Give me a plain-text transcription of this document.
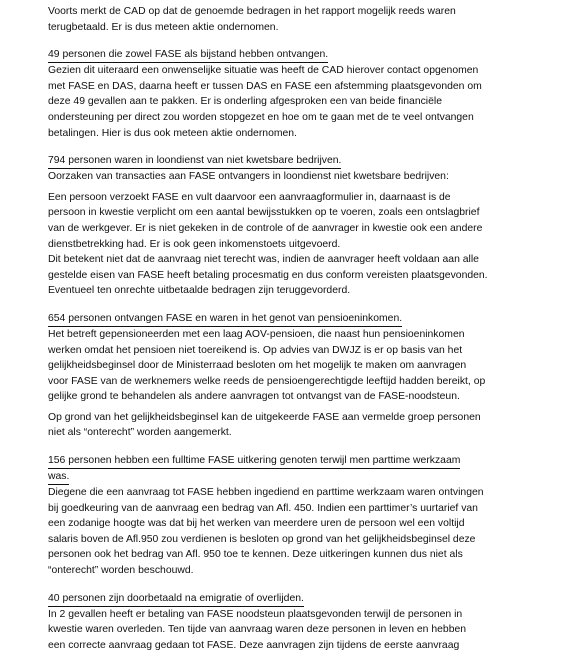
Voorts merkt de CAD op dat de genoemde bedragen in het rapport mogelijk reeds waren
terugbetaald. Er is dus meteen aktie ondernomen.

49 personen die zowel FASE als bijstand hebben ontvangen.

Gezien dit uiteraard een onwenselijke situatie was heeft de CAD hierover contact opgenomen
met FASE en DAS, daarna heeft er tussen DAS en FASE een afstemming plaatsgevonden om
deze 49 gevallen aan te pakken. Er is onderling afgesproken een van beide financiële
ondersteuning per direct zou worden stopgezet en hoe om te gaan met de te veel ontvangen
betalingen. Hier is dus ook meteen aktie ondernomen.

794 personen waren in loondienst van niet kwetsbare bedrijven.

Oorzaken van transacties aan FASE ontvangers in loondienst niet kwetsbare bedrijven:

Een persoon verzoekt FASE en vult daarvoor een aanvraagformulier in, daarnaast is de
persoon in kwestie verplicht om een aantal bewijsstukken op te voeren, zoals een ontslagbrief
van de werkgever. Er is niet gekeken in de controle of de aanvrager in kwestie ook een andere
dienstbetrekking had. Er is ook geen inkomenstoets uitgevoerd.
Dit betekent niet dat de aanvraag niet terecht was, indien de aanvrager heeft voldaan aan alle
gestelde eisen van FASE heeft betaling procesmatig en dus conform vereisten plaatsgevonden.
Eventueel ten onrechte uitbetaalde bedragen zijn teruggevorderd.

654 personen ontvangen FASE en waren in het genot van pensioeninkomen.

Het betreft gepensioneerden met een laag AOV-pensioen, die naast hun pensioeninkomen
werken omdat het pensioen niet toereikend is. Op advies van DWJZ is er op basis van het
gelijkheidsbeginsel door de Ministerraad besloten om het mogelijk te maken om aanvragen
voor FASE van de werknemers welke reeds de pensioengerechtigde leeftijd hadden bereikt, op
gelijke grond te behandelen als andere aanvragen tot ontvangst van de FASE-noodsteun.

Op grond van het gelijkheidsbeginsel kan de uitgekeerde FASE aan vermelde groep personen
niet als “onterecht” worden aangemerkt.

156 personen hebben een fulltime FASE uitkering genoten terwijl men parttime werkzaam
was.

Diegene die een aanvraag tot FASE hebben ingediend en parttime werkzaam waren ontvingen
bij goedkeuring van de aanvraag een bedrag van Afl. 450. Indien een parttimer’s uurtarief van
een zodanige hoogte was dat bij het werken van meerdere uren de persoon wel een voltijd
salaris boven de Afl.950 zou verdienen is besloten op grond van het gelijkheidsbeginsel deze
personen ook het bedrag van Afl. 950 toe te kennen. Deze uitkeringen kunnen dus niet als
“onterecht” worden beschouwd.

40 personen zijn doorbetaald na emigratie of overlijden.

In 2 gevallen heeft er betaling van FASE noodsteun plaatsgevonden terwijl de personen in
kwestie waren overleden. Ten tijde van aanvraag waren deze personen in leven en hebben
een correcte aanvraag gedaan tot FASE. Deze aanvragen zijn tijdens de eerste aanvraag
